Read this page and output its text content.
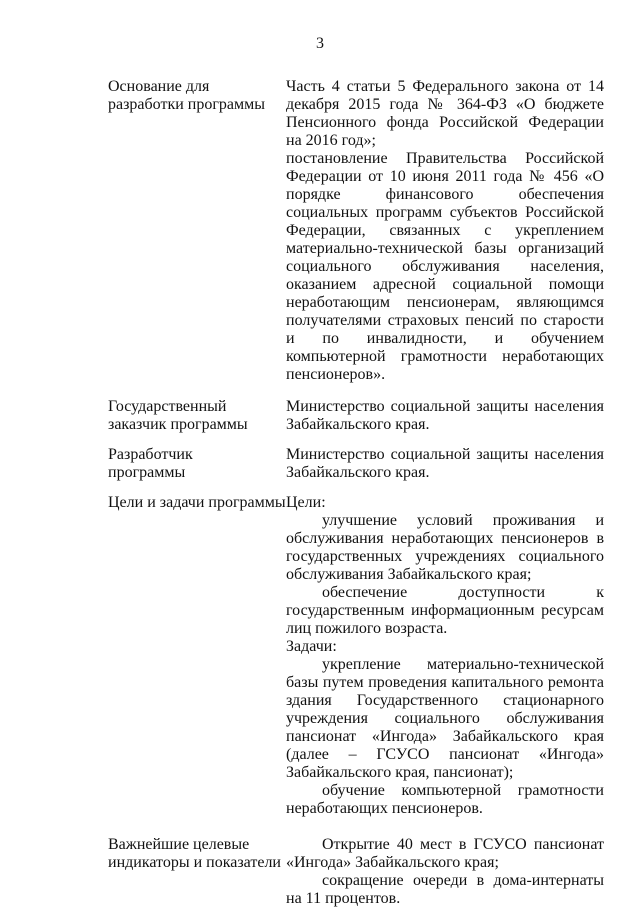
3
Основание для
разработки программы

Часть 4 статьи 5 Федерального закона от 14 декабря 2015 года № 364-ФЗ «О бюджете Пенсионного фонда Российской Федерации на 2016 год»;

постановление Правительства Российской Федерации от 10 июня 2011 года № 456 «О порядке финансового обеспечения социальных программ субъектов Российской Федерации, связанных с укреплением материально-технической базы организаций социального обслуживания населения, оказанием адресной социальной помощи неработающим пенсионерам, являющимся получателями страховых пенсий по старости и по инвалидности, и обучением компьютерной грамотности неработающих пенсионеров».

Государственный
заказчик программы

Министерство социальной защиты населения Забайкальского края.

Разработчик
программы

Министерство социальной защиты населения Забайкальского края.

Цели и задачи программы Цели:

улучшение условий проживания и обслуживания неработающих пенсионеров в государственных учреждениях социального обслуживания Забайкальского края;

обеспечение доступности к государственным информационным ресурсам лиц пожилого возраста.

Задачи:

укрепление материально-технической базы путем проведения капитального ремонта здания Государственного стационарного учреждения социального обслуживания пансионат «Ингода» Забайкальского края (далее – ГСУСО пансионат «Ингода» Забайкальского края, пансионат);

обучение компьютерной грамотности неработающих пенсионеров.

Важнейшие целевые
индикаторы и показатели

Открытие 40 мест в ГСУСО пансионат «Ингода» Забайкальского края;

сокращение очереди в дома-интернаты на 11 процентов.
